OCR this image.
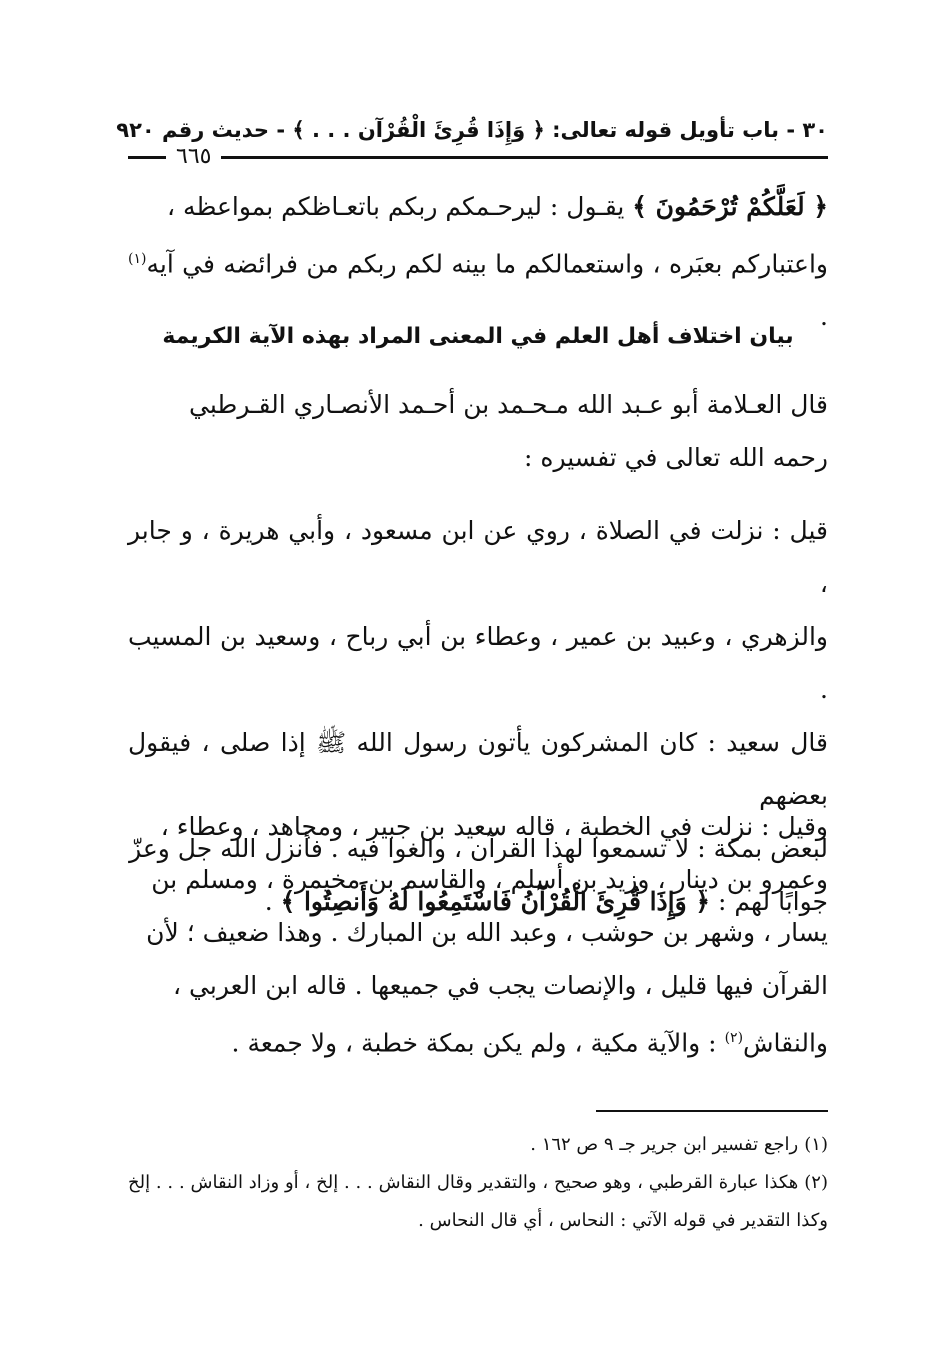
٣٠ - باب تأويل قوله تعالى: ﴿ وَإِذَا قُرِئَ الْقُرْآن . . . ﴾ - حديث رقم ٩٢٠
٦٦٥
﴿ لَعَلَّكُمْ تُرْحَمُونَ ﴾ يقـول : ليرحـمكم ربكم باتعـاظكم بمواعظه ،
واعتباركم بعبَره ، واستعمالكم ما بينه لكم ربكم من فرائضه في آيه$^{(١)}$ .
بيان اختلاف أهل العلم في المعنى المراد بهذه الآية الكريمة
قال العـلامة أبو عـبد الله مـحـمد بن أحـمد الأنصـاري القـرطبي
رحمه الله تعالى في تفسيره :
قيل : نزلت في الصلاة ، روي عن ابن مسعود ، وأبي هريرة ، و جابر ،
والزهري ، وعبيد بن عمير ، وعطاء بن أبي رباح ، وسعيد بن المسيب .
قال سعيد : كان المشركون يأتون رسول الله ﷺ إذا صلى ، فيقول بعضهم
لبعض بمكة : لا تسمعوا لهذا القرآن ، والغوا فيه . فأنزل الله جل وعزّ
جوابًا لهم : ﴿ وَإِذَا قُرِئَ الْقُرْآنُ فَاسْتَمِعُوا لَهُ وَأَنصِتُوا ﴾ .
وقيل : نزلت في الخطبة ، قاله سعيد بن جبير ، ومجاهد ، وعطاء ،
وعمرو بن دينار ، وزيد بن أسلم ، والقاسم بن مخيمرة ، ومسلم بن
يسار ، وشهر بن حوشب ، وعبد الله بن المبارك . وهذا ضعيف ؛ لأن
القرآن فيها قليل ، والإنصات يجب في جميعها . قاله ابن العربي ،
والنقاش$^{(٢)}$ : والآية مكية ، ولم يكن بمكة خطبة ، ولا جمعة .

(١)راجع تفسير ابن جرير جـ ٩ ص ١٦٢ .

(٢)هكذا عبارة القرطبي ، وهو صحيح ، والتقدير وقال النقاش . . . إلخ ، أو وزاد النقاش . . . إلخ وكذا التقدير في قوله الآتي : النحاس ، أي قال النحاس .
